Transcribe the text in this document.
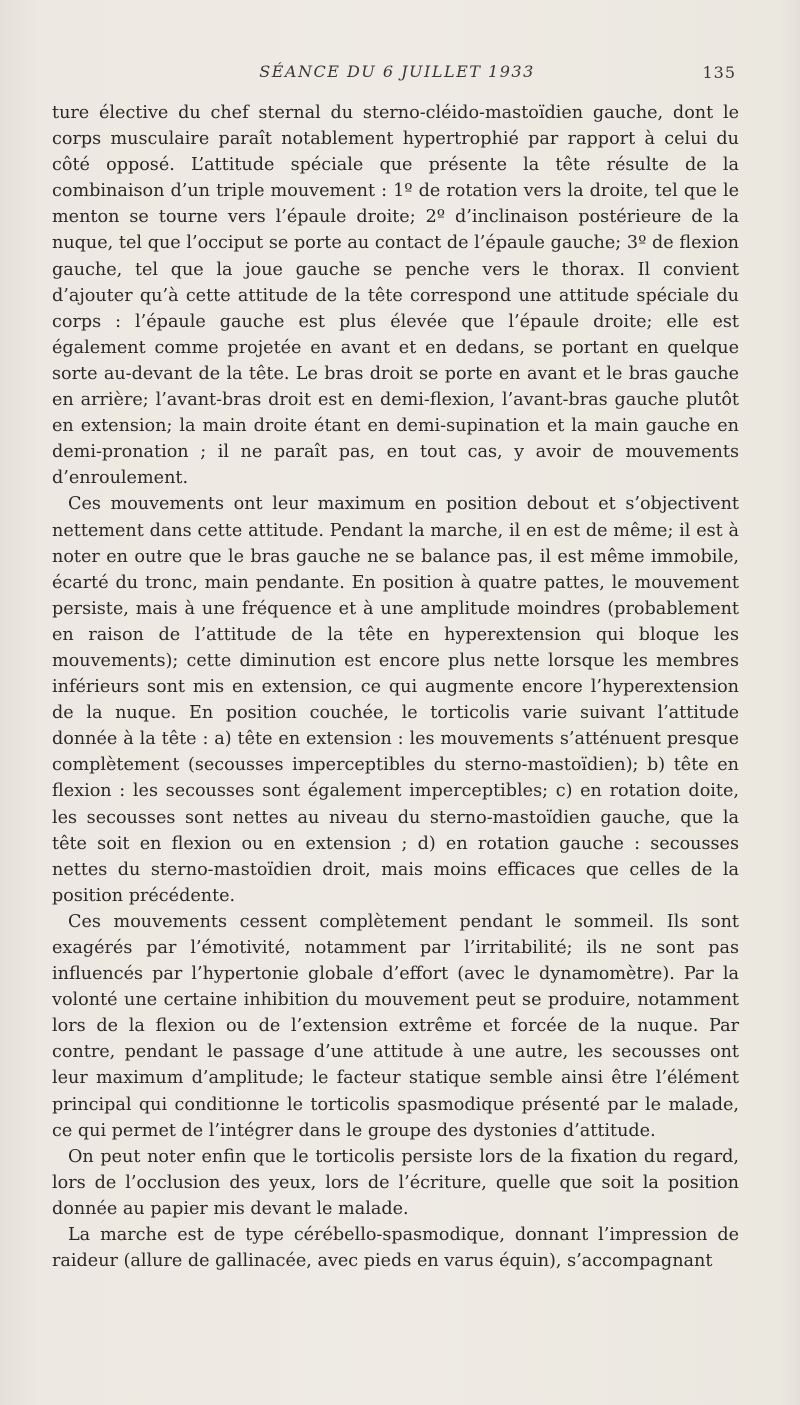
SÉANCE DU 6 JUILLET 1933	135

ture élective du chef sternal du sterno-cléido-mastoïdien gauche, dont le corps musculaire paraît notablement hypertrophié par rapport à celui du côté opposé. L’attitude spéciale que présente la tête résulte de la combinaison d’un triple mouvement : 1º de rotation vers la droite, tel que le menton se tourne vers l’épaule droite; 2º d’inclinaison postérieure de la nuque, tel que l’occiput se porte au contact de l’épaule gauche; 3º de flexion gauche, tel que la joue gauche se penche vers le thorax. Il convient d’ajouter qu’à cette attitude de la tête correspond une attitude spéciale du corps : l’épaule gauche est plus élevée que l’épaule droite; elle est également comme projetée en avant et en dedans, se portant en quelque sorte au-devant de la tête. Le bras droit se porte en avant et le bras gauche en arrière; l’avant-bras droit est en demi-flexion, l’avant-bras gauche plutôt en extension; la main droite étant en demi-supination et la main gauche en demi-pronation ; il ne paraît pas, en tout cas, y avoir de mouvements d’enroulement.

Ces mouvements ont leur maximum en position debout et s’objectivent nettement dans cette attitude. Pendant la marche, il en est de même; il est à noter en outre que le bras gauche ne se balance pas, il est même immobile, écarté du tronc, main pendante. En position à quatre pattes, le mouvement persiste, mais à une fréquence et à une amplitude moindres (probablement en raison de l’attitude de la tête en hyperextension qui bloque les mouvements); cette diminution est encore plus nette lorsque les membres inférieurs sont mis en extension, ce qui augmente encore l’hyperextension de la nuque. En position couchée, le torticolis varie suivant l’attitude donnée à la tête : a) tête en extension : les mouvements s’atténuent presque complètement (secousses imperceptibles du sterno-mastoïdien); b) tête en flexion : les secousses sont également imperceptibles; c) en rotation doite, les secousses sont nettes au niveau du sterno-mastoïdien gauche, que la tête soit en flexion ou en extension ; d) en rotation gauche : secousses nettes du sterno-mastoïdien droit, mais moins efficaces que celles de la position précédente.

Ces mouvements cessent complètement pendant le sommeil. Ils sont exagérés par l’émotivité, notamment par l’irritabilité; ils ne sont pas influencés par l’hypertonie globale d’effort (avec le dynamomètre). Par la volonté une certaine inhibition du mouvement peut se produire, notamment lors de la flexion ou de l’extension extrême et forcée de la nuque. Par contre, pendant le passage d’une attitude à une autre, les secousses ont leur maximum d’amplitude; le facteur statique semble ainsi être l’élément principal qui conditionne le torticolis spasmodique présenté par le malade, ce qui permet de l’intégrer dans le groupe des dystonies d’attitude.

On peut noter enfin que le torticolis persiste lors de la fixation du regard, lors de l’occlusion des yeux, lors de l’écriture, quelle que soit la position donnée au papier mis devant le malade.

La marche est de type cérébello-spasmodique, donnant l’impression de raideur (allure de gallinacée, avec pieds en varus équin), s’accompagnant
